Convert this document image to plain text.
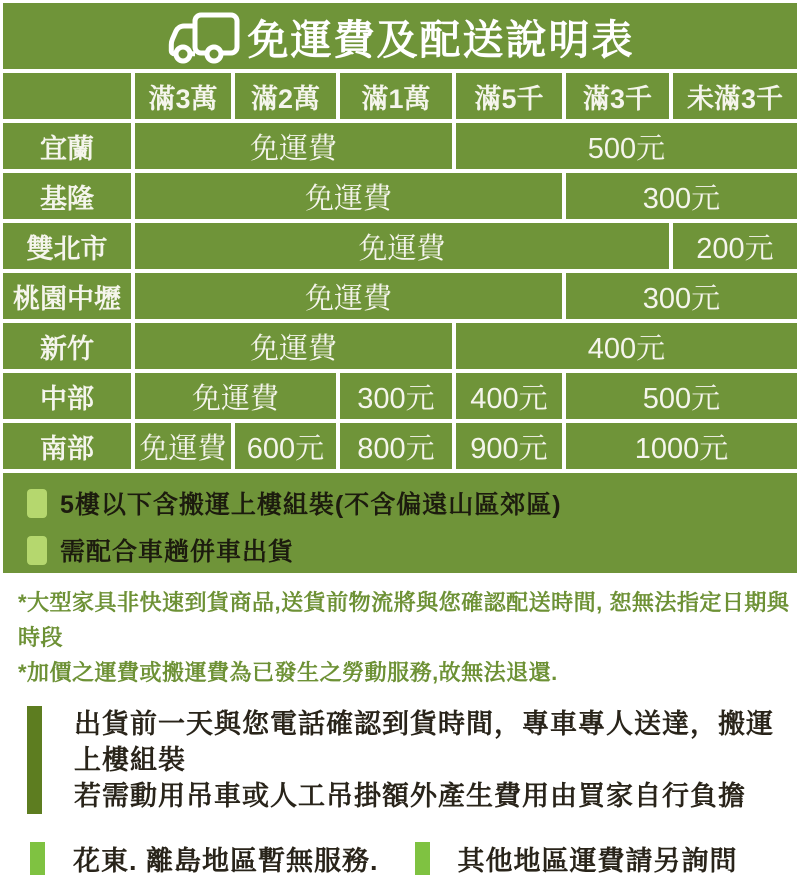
免運費及配送說明表
	滿3萬	滿2萬	滿1萬	滿5千	滿3千	未滿3千
宜蘭	免運費			500元		
基隆	免運費				300元	
雙北市	免運費					200元
桃園中壢	免運費				300元	
新竹	免運費			400元		
中部	免運費		300元	400元	500元	
南部	免運費	600元	800元	900元	1000元	
5樓以下含搬運上樓組裝(不含偏遠山區郊區)
需配合車趟併車出貨
*大型家具非快速到貨商品,送貨前物流將與您確認配送時間, 恕無法指定日期與時段
*加價之運費或搬運費為已發生之勞動服務,故無法退還.
出貨前一天與您電話確認到貨時間，專車專人送達，搬運上樓組裝
若需動用吊車或人工吊掛額外產生費用由買家自行負擔
花東. 離島地區暫無服務.	其他地區運費請另詢問
